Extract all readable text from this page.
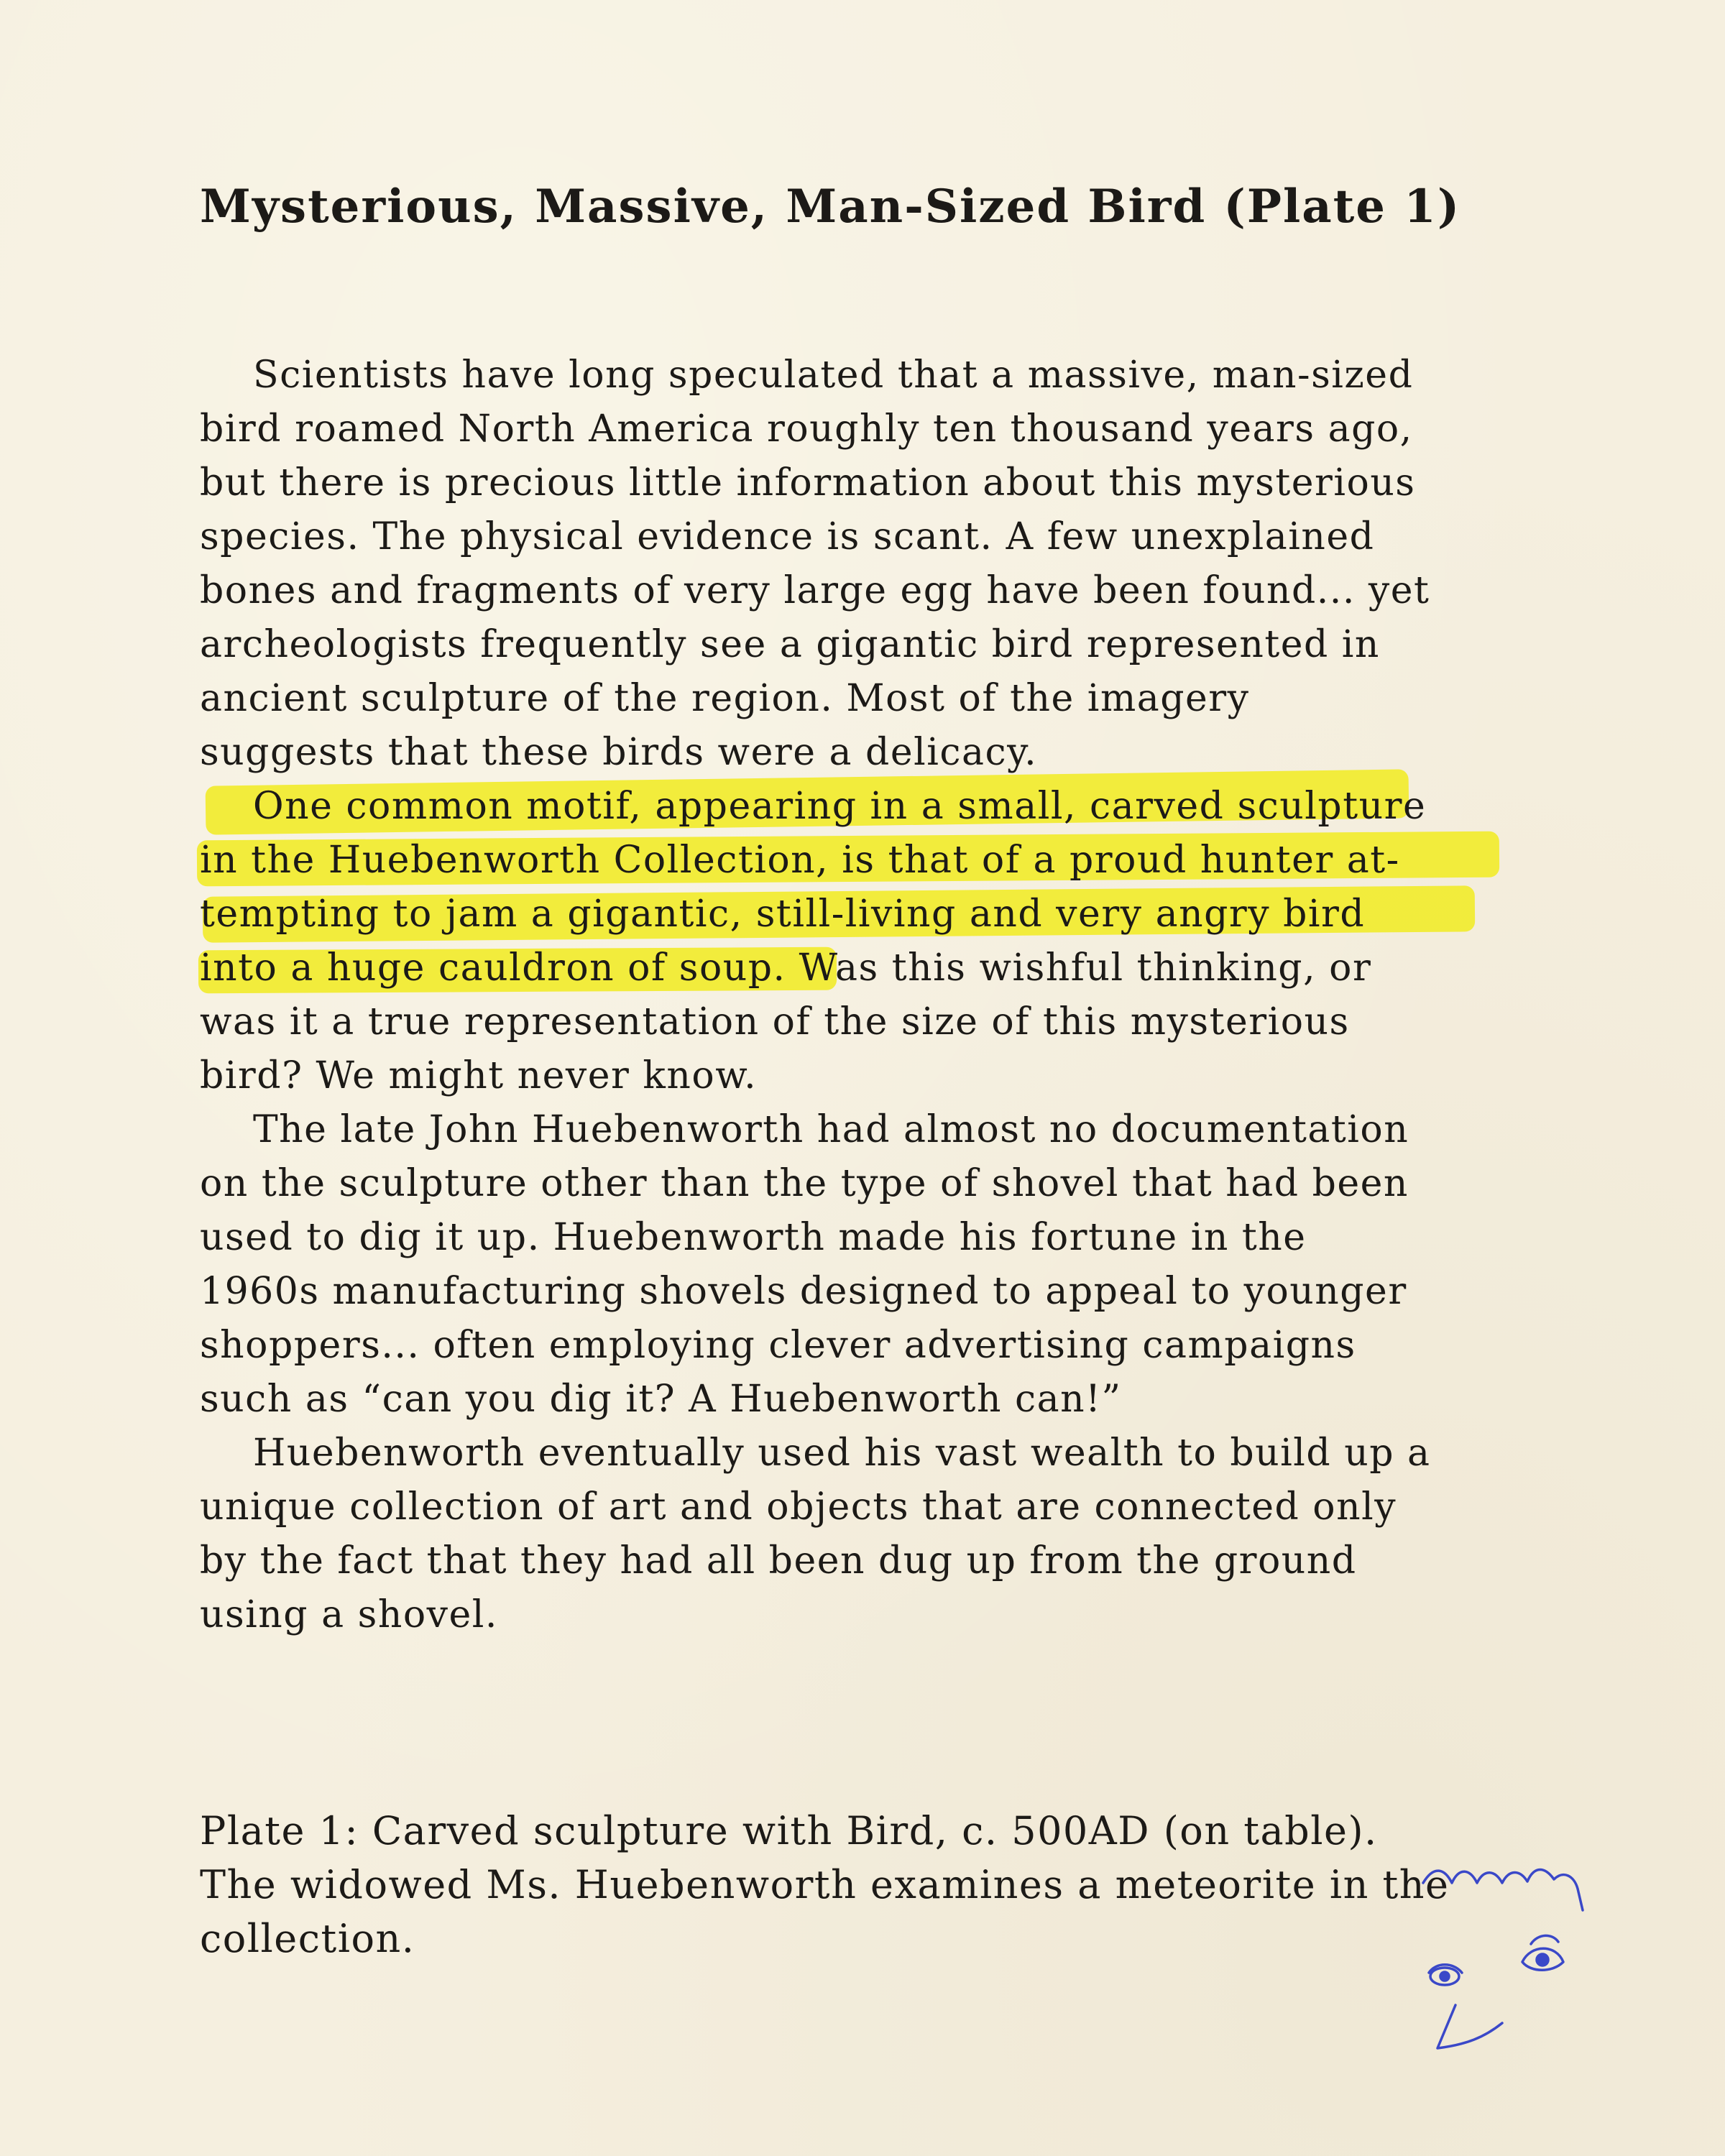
Mysterious, Massive, Man-Sized Bird (Plate 1)

Scientists have long speculated that a massive, man-sized

bird roamed North America roughly ten thousand years ago,

but there is precious little information about this mysterious

species. The physical evidence is scant. A few unexplained

bones and fragments of very large egg have been found... yet

archeologists frequently see a gigantic bird represented in

ancient sculpture of the region. Most of the imagery

suggests that these birds were a delicacy.

One common motif, appearing in a small, carved sculpture

in the Huebenworth Collection, is that of a proud hunter at-

tempting to jam a gigantic, still-living and very angry bird

into a huge cauldron of soup. Was this wishful thinking, or

was it a true representation of the size of this mysterious

bird? We might never know.

The late John Huebenworth had almost no documentation

on the sculpture other than the type of shovel that had been

used to dig it up. Huebenworth made his fortune in the

1960s manufacturing shovels designed to appeal to younger

shoppers... often employing clever advertising campaigns

such as “can you dig it? A Huebenworth can!”

Huebenworth eventually used his vast wealth to build up a

unique collection of art and objects that are connected only

by the fact that they had all been dug up from the ground

using a shovel.

Plate 1: Carved sculpture with Bird, c. 500AD (on table).

The widowed Ms. Huebenworth examines a meteorite in the

collection.
